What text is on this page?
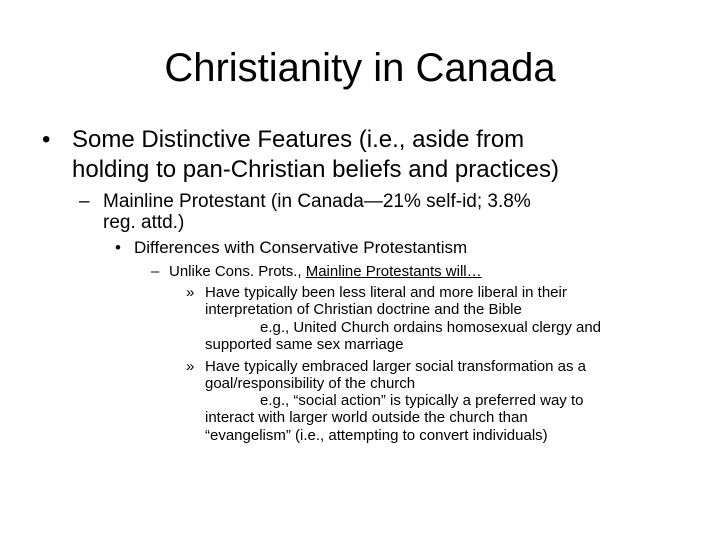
Christianity in Canada
• Some Distinctive Features (i.e., aside from
holding to pan-Christian beliefs and practices)
– Mainline Protestant (in Canada—21% self-id; 3.8%
reg. attd.)
• Differences with Conservative Protestantism
– Unlike Cons. Prots., Mainline Protestants will…
» Have typically been less literal and more liberal in their
interpretation of Christian doctrine and the Bible
e.g., United Church ordains homosexual clergy and
supported same sex marriage
» Have typically embraced larger social transformation as a
goal/responsibility of the church
e.g., “social action” is typically a preferred way to
interact with larger world outside the church than
“evangelism” (i.e., attempting to convert individuals)
